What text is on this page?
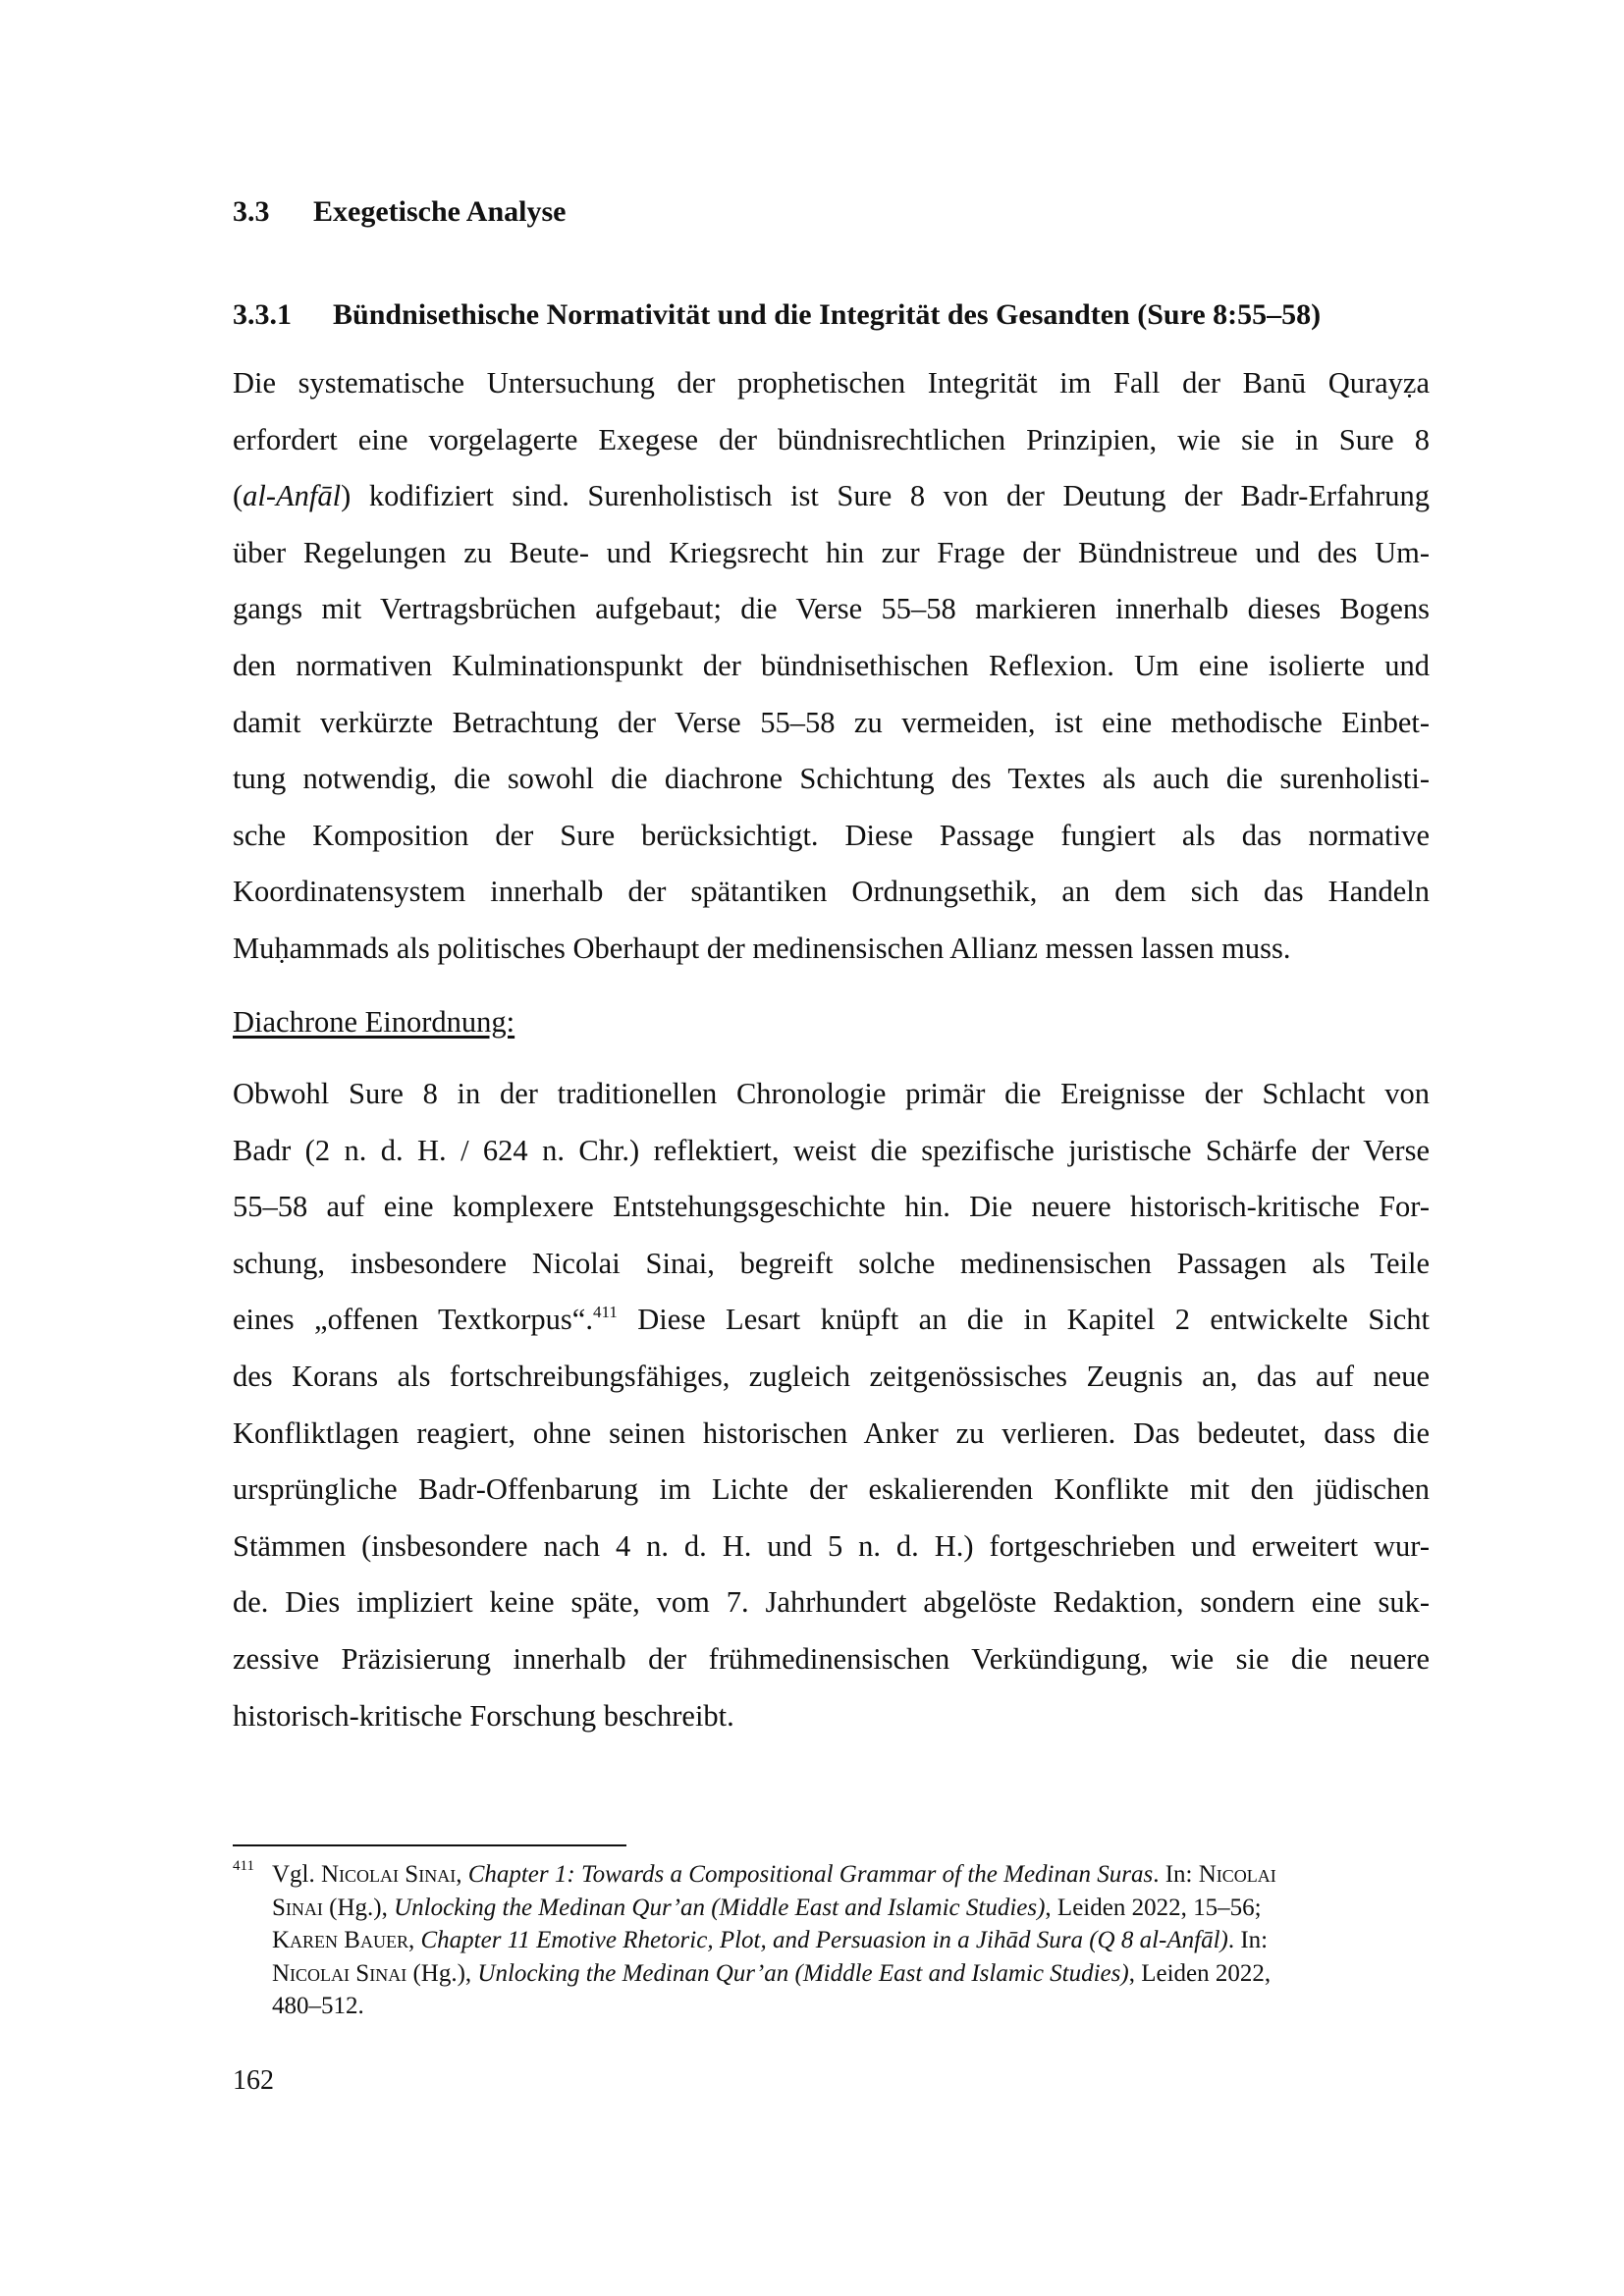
3.3 Exegetische Analyse
3.3.1 Bündnisethische Normativität und die Integrität des Gesandten (Sure 8:55–58)
Die systematische Untersuchung der prophetischen Integrität im Fall der Banū Qurayẓa
erfordert eine vorgelagerte Exegese der bündnisrechtlichen Prinzipien, wie sie in Sure 8
(al-Anfāl) kodifiziert sind. Surenholistisch ist Sure 8 von der Deutung der Badr-Erfahrung
über Regelungen zu Beute- und Kriegsrecht hin zur Frage der Bündnistreue und des Um-
gangs mit Vertragsbrüchen aufgebaut; die Verse 55–58 markieren innerhalb dieses Bogens
den normativen Kulminationspunkt der bündnisethischen Reflexion. Um eine isolierte und
damit verkürzte Betrachtung der Verse 55–58 zu vermeiden, ist eine methodische Einbet-
tung notwendig, die sowohl die diachrone Schichtung des Textes als auch die surenholisti-
sche Komposition der Sure berücksichtigt. Diese Passage fungiert als das normative
Koordinatensystem innerhalb der spätantiken Ordnungsethik, an dem sich das Handeln
Muḥammads als politisches Oberhaupt der medinensischen Allianz messen lassen muss.

Diachrone Einordnung:

Obwohl Sure 8 in der traditionellen Chronologie primär die Ereignisse der Schlacht von
Badr (2 n. d. H. / 624 n. Chr.) reflektiert, weist die spezifische juristische Schärfe der Verse
55–58 auf eine komplexere Entstehungsgeschichte hin. Die neuere historisch-kritische For-
schung, insbesondere Nicolai Sinai, begreift solche medinensischen Passagen als Teile
eines „offenen Textkorpus“.$^{411}$ Diese Lesart knüpft an die in Kapitel 2 entwickelte Sicht
des Korans als fortschreibungsfähiges, zugleich zeitgenössisches Zeugnis an, das auf neue
Konfliktlagen reagiert, ohne seinen historischen Anker zu verlieren. Das bedeutet, dass die
ursprüngliche Badr-Offenbarung im Lichte der eskalierenden Konflikte mit den jüdischen
Stämmen (insbesondere nach 4 n. d. H. und 5 n. d. H.) fortgeschrieben und erweitert wur-
de. Dies impliziert keine späte, vom 7. Jahrhundert abgelöste Redaktion, sondern eine suk-
zessive Präzisierung innerhalb der frühmedinensischen Verkündigung, wie sie die neuere
historisch-kritische Forschung beschreibt.
411 Vgl. Nicolai Sinai, Chapter 1: Towards a Compositional Grammar of the Medinan Suras. In: Nicolai
Sinai (Hg.), Unlocking the Medinan Qur’an (Middle East and Islamic Studies), Leiden 2022, 15–56;
Karen Bauer, Chapter 11 Emotive Rhetoric, Plot, and Persuasion in a Jihād Sura (Q 8 al-Anfāl). In:
Nicolai Sinai (Hg.), Unlocking the Medinan Qur’an (Middle East and Islamic Studies), Leiden 2022,
480–512.

162
